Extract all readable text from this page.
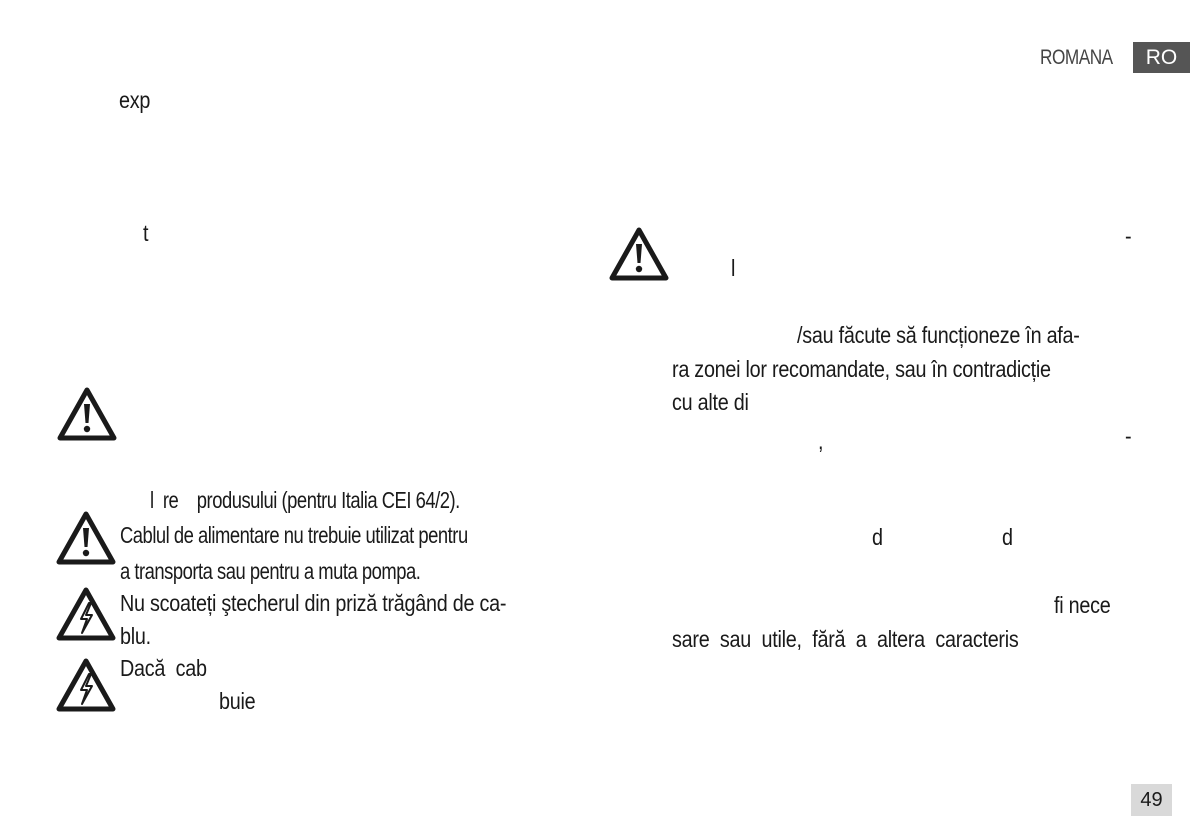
ROMANA	RO
exp
t
l  re    produsului (pentru Italia CEI 64/2).
Cablul de alimentare nu trebuie utilizat pentru
a transporta sau pentru a muta pompa.
Nu scoateți ştecherul din priză trăgând de ca-
blu.
Dacă  cab
buie
-
l
/sau făcute să funcționeze în afa-
ra zonei lor recomandate, sau în contradicție
cu alte di
,	-
d	d
fi nece
sare  sau  utile,  fără  a  altera  caracteris
49
